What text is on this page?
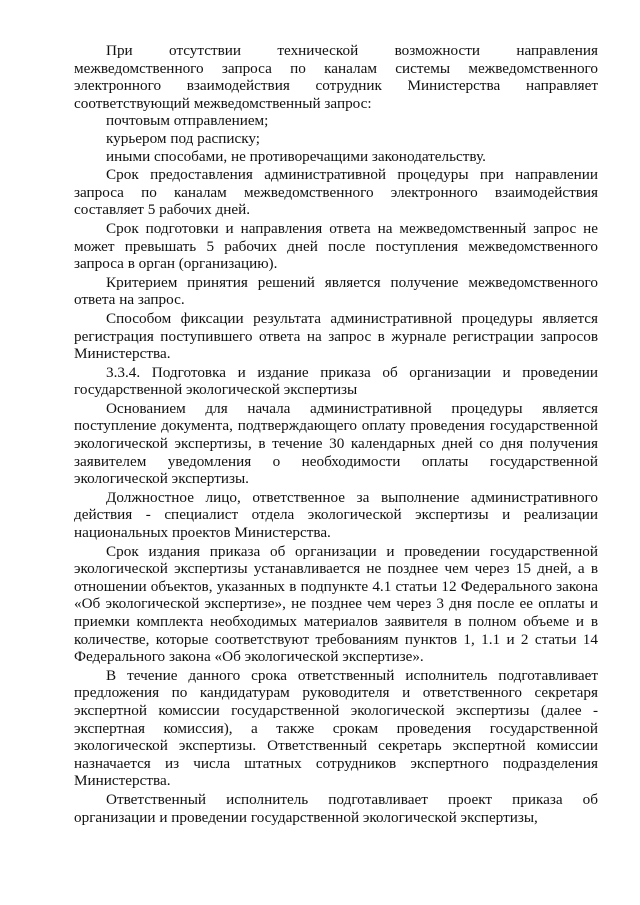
При отсутствии технической возможности направления межведомственного запроса по каналам системы межведомственного электронного взаимодействия сотрудник Министерства направляет соответствующий межведомственный запрос:

почтовым отправлением;

курьером под расписку;

иными способами, не противоречащими законодательству.

Срок предоставления административной процедуры при направлении запроса по каналам межведомственного электронного взаимодействия составляет 5 рабочих дней.

Срок подготовки и направления ответа на межведомственный запрос не может превышать 5 рабочих дней после поступления межведомственного запроса в орган (организацию).

Критерием принятия решений является получение межведомственного ответа на запрос.

Способом фиксации результата административной процедуры является регистрация поступившего ответа на запрос в журнале регистрации запросов Министерства.

3.3.4. Подготовка и издание приказа об организации и проведении государственной экологической экспертизы

Основанием для начала административной процедуры является поступление документа, подтверждающего оплату проведения государственной экологической экспертизы, в течение 30 календарных дней со дня получения заявителем уведомления о необходимости оплаты государственной экологической экспертизы.

Должностное лицо, ответственное за выполнение административного действия - специалист отдела экологической экспертизы и реализации национальных проектов Министерства.

Срок издания приказа об организации и проведении государственной экологической экспертизы устанавливается не позднее чем через 15 дней, а в отношении объектов, указанных в подпункте 4.1 статьи 12 Федерального закона «Об экологической экспертизе», не позднее чем через 3 дня после ее оплаты и приемки комплекта необходимых материалов заявителя в полном объеме и в количестве, которые соответствуют требованиям пунктов 1, 1.1 и 2 статьи 14 Федерального закона «Об экологической экспертизе».

В течение данного срока ответственный исполнитель подготавливает предложения по кандидатурам руководителя и ответственного секретаря экспертной комиссии государственной экологической экспертизы (далее - экспертная комиссия), а также срокам проведения государственной экологической экспертизы. Ответственный секретарь экспертной комиссии назначается из числа штатных сотрудников экспертного подразделения Министерства.

Ответственный исполнитель подготавливает проект приказа об организации и проведении государственной экологической экспертизы,
